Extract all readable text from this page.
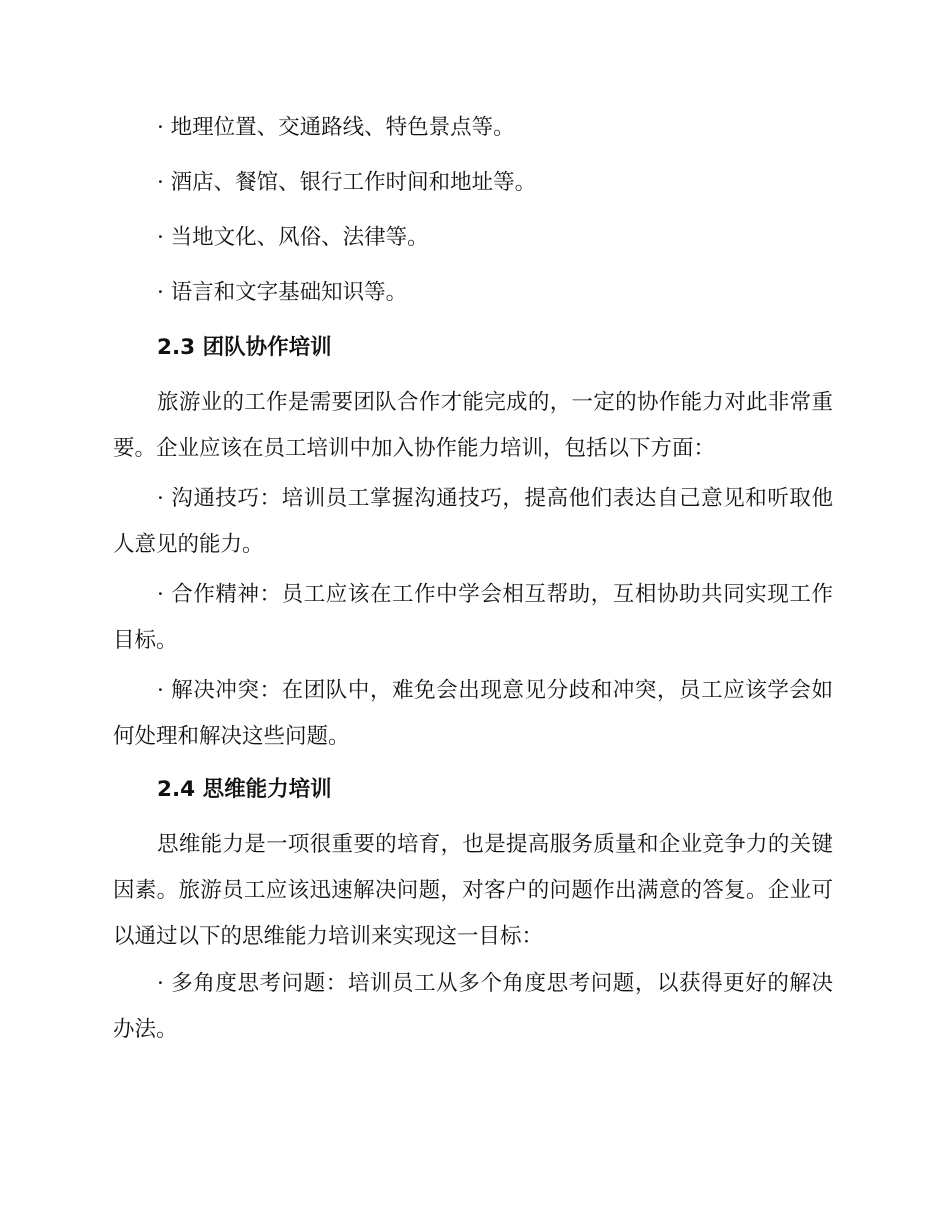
· 地理位置、交通路线、特色景点等。

· 酒店、餐馆、银行工作时间和地址等。

· 当地文化、风俗、法律等。

· 语言和文字基础知识等。

2.3 团队协作培训

旅游业的工作是需要团队合作才能完成的，一定的协作能力对此非常重要。企业应该在员工培训中加入协作能力培训，包括以下方面：

· 沟通技巧：培训员工掌握沟通技巧，提高他们表达自己意见和听取他人意见的能力。

· 合作精神：员工应该在工作中学会相互帮助，互相协助共同实现工作目标。

· 解决冲突：在团队中，难免会出现意见分歧和冲突，员工应该学会如何处理和解决这些问题。

2.4 思维能力培训

思维能力是一项很重要的培育，也是提高服务质量和企业竞争力的关键因素。旅游员工应该迅速解决问题，对客户的问题作出满意的答复。企业可以通过以下的思维能力培训来实现这一目标：

· 多角度思考问题：培训员工从多个角度思考问题，以获得更好的解决办法。
